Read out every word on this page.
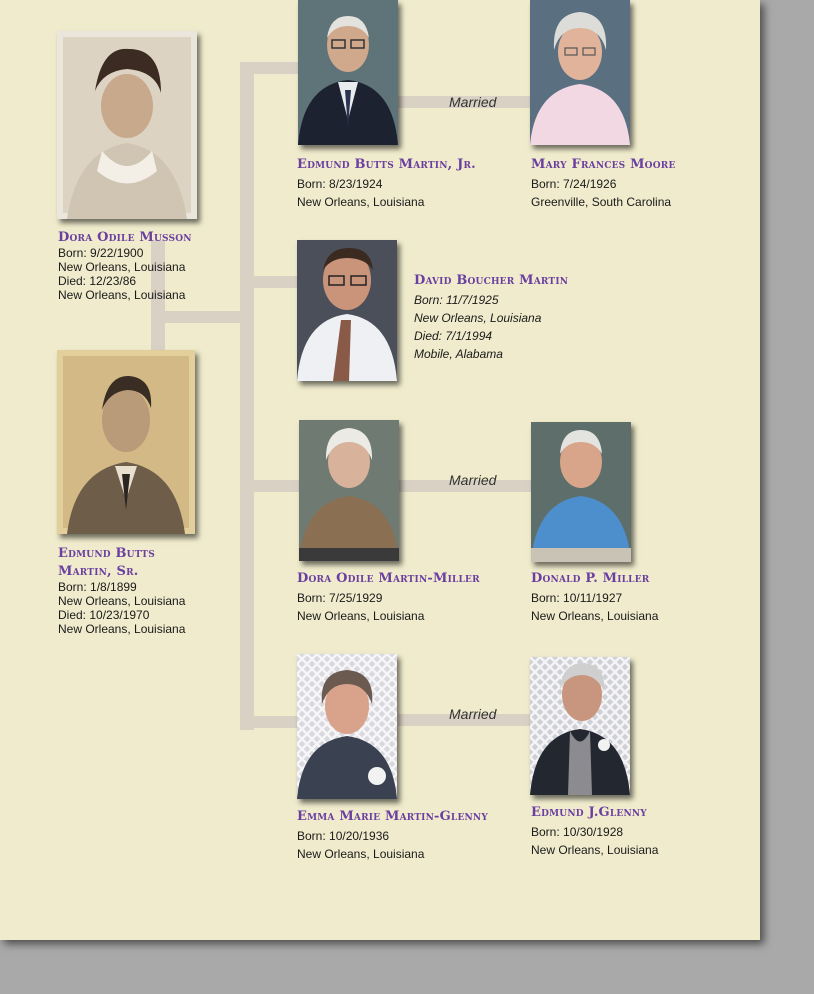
Dora Odile Musson
Born: 9/22/1900
New Orleans, Louisiana
Died: 12/23/86
New Orleans, Louisiana
Edmund Butts
Martin, Sr.
Born: 1/8/1899
New Orleans, Louisiana
Died: 10/23/1970
New Orleans, Louisiana
Edmund Butts Martin, Jr.
Born: 8/23/1924
New Orleans, Louisiana
Married
Mary Frances Moore
Born: 7/24/1926
Greenville, South Carolina
David Boucher Martin
Born: 11/7/1925
New Orleans, Louisiana
Died: 7/1/1994
Mobile, Alabama
Dora Odile Martin-Miller
Born: 7/25/1929
New Orleans, Louisiana
Married
Donald P. Miller
Born: 10/11/1927
New Orleans, Louisiana
Emma Marie Martin-Glenny
Born: 10/20/1936
New Orleans, Louisiana
Married
Edmund J.Glenny
Born: 10/30/1928
New Orleans, Louisiana
